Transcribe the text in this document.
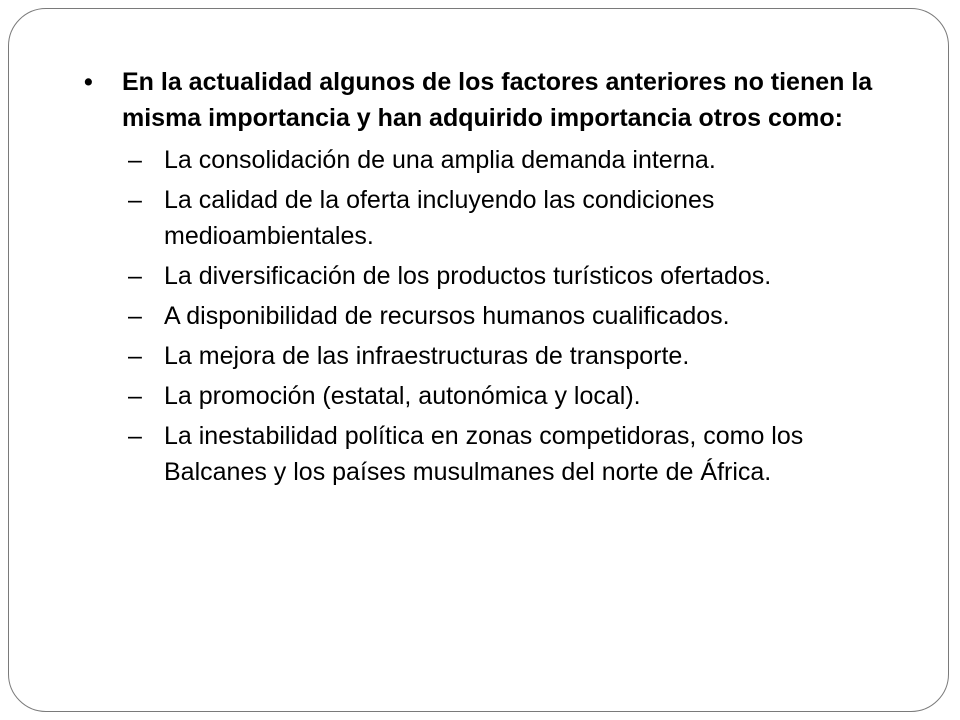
•	En la actualidad algunos de los factores anteriores no tienen la misma importancia y han adquirido importancia otros como:
– La consolidación de una amplia demanda interna.
– La calidad de la oferta incluyendo las condiciones medioambientales.
– La diversificación de los productos turísticos ofertados.
– A disponibilidad de recursos humanos cualificados.
– La mejora de las infraestructuras de transporte.
– La promoción (estatal, autonómica y local).
– La inestabilidad política en zonas competidoras, como los Balcanes y los países musulmanes del norte de África.
